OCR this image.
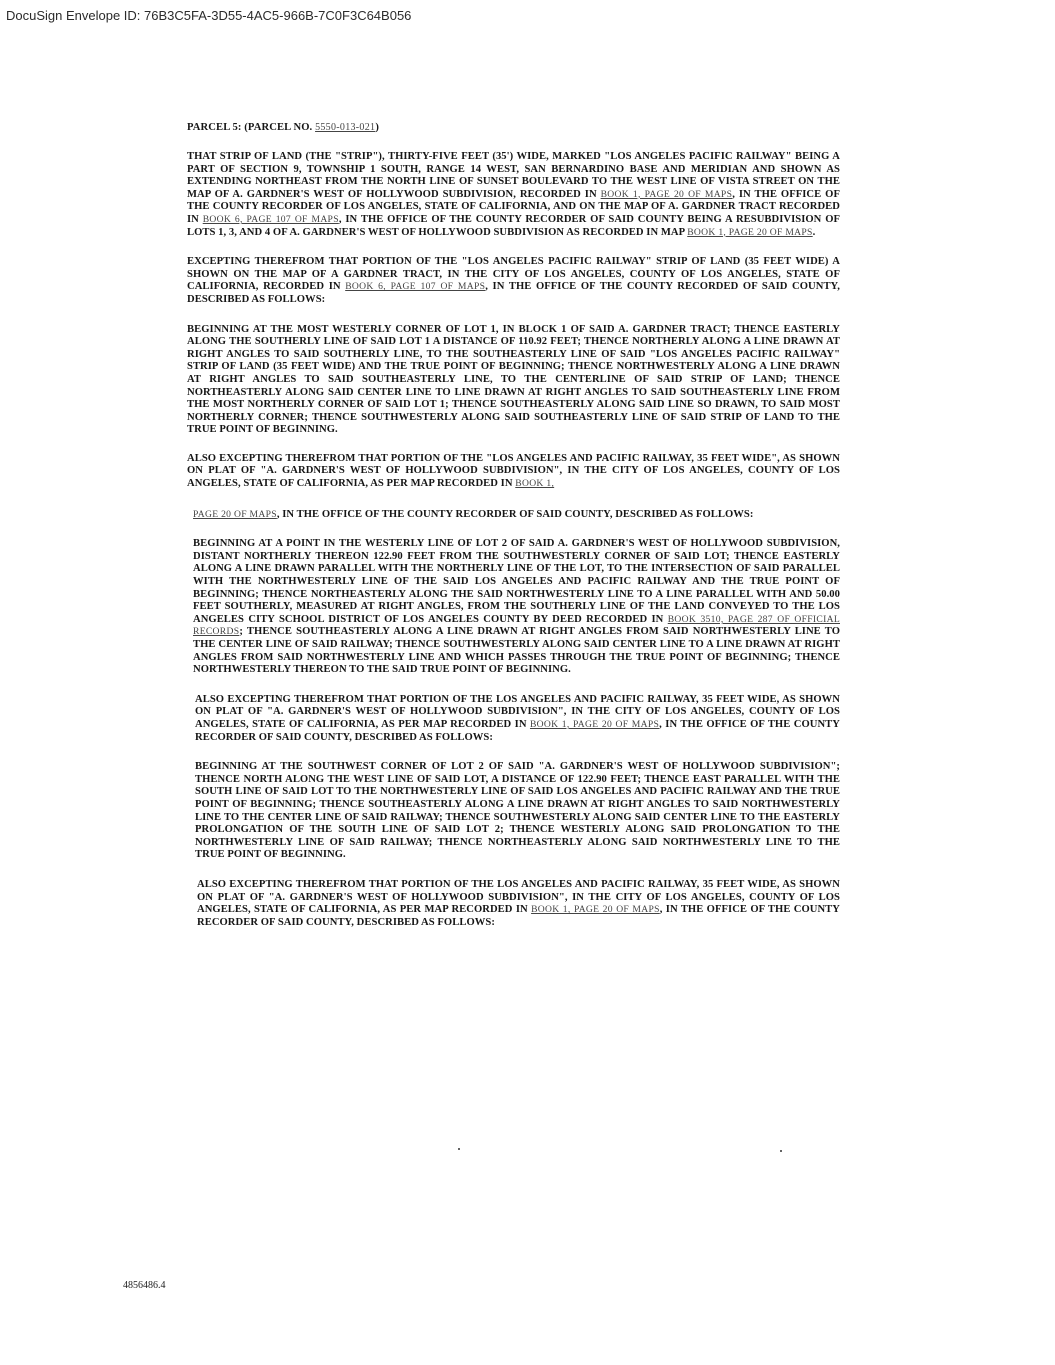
DocuSign Envelope ID: 76B3C5FA-3D55-4AC5-966B-7C0F3C64B056

PARCEL 5: (PARCEL NO. 5550-013-021)

THAT STRIP OF LAND (THE "STRIP"), THIRTY-FIVE FEET (35') WIDE, MARKED "LOS ANGELES PACIFIC RAILWAY" BEING A PART OF SECTION 9, TOWNSHIP 1 SOUTH, RANGE 14 WEST, SAN BERNARDINO BASE AND MERIDIAN AND SHOWN AS EXTENDING NORTHEAST FROM THE NORTH LINE OF SUNSET BOULEVARD TO THE WEST LINE OF VISTA STREET ON THE MAP OF A. GARDNER'S WEST OF HOLLYWOOD SUBDIVISION, RECORDED IN BOOK 1, PAGE 20 OF MAPS, IN THE OFFICE OF THE COUNTY RECORDER OF LOS ANGELES, STATE OF CALIFORNIA, AND ON THE MAP OF A. GARDNER TRACT RECORDED IN BOOK 6, PAGE 107 OF MAPS, IN THE OFFICE OF THE COUNTY RECORDER OF SAID COUNTY BEING A RESUBDIVISION OF LOTS 1, 3, AND 4 OF A. GARDNER'S WEST OF HOLLYWOOD SUBDIVISION AS RECORDED IN MAP BOOK 1, PAGE 20 OF MAPS.

EXCEPTING THEREFROM THAT PORTION OF THE "LOS ANGELES PACIFIC RAILWAY" STRIP OF LAND (35 FEET WIDE) A SHOWN ON THE MAP OF A GARDNER TRACT, IN THE CITY OF LOS ANGELES, COUNTY OF LOS ANGELES, STATE OF CALIFORNIA, RECORDED IN BOOK 6, PAGE 107 OF MAPS, IN THE OFFICE OF THE COUNTY RECORDED OF SAID COUNTY, DESCRIBED AS FOLLOWS:

BEGINNING AT THE MOST WESTERLY CORNER OF LOT 1, IN BLOCK 1 OF SAID A. GARDNER TRACT; THENCE EASTERLY ALONG THE SOUTHERLY LINE OF SAID LOT 1 A DISTANCE OF 110.92 FEET; THENCE NORTHERLY ALONG A LINE DRAWN AT RIGHT ANGLES TO SAID SOUTHERLY LINE, TO THE SOUTHEASTERLY LINE OF SAID "LOS ANGELES PACIFIC RAILWAY" STRIP OF LAND (35 FEET WIDE) AND THE TRUE POINT OF BEGINNING; THENCE NORTHWESTERLY ALONG A LINE DRAWN AT RIGHT ANGLES TO SAID SOUTHEASTERLY LINE, TO THE CENTERLINE OF SAID STRIP OF LAND; THENCE NORTHEASTERLY ALONG SAID CENTER LINE TO LINE DRAWN AT RIGHT ANGLES TO SAID SOUTHEASTERLY LINE FROM THE MOST NORTHERLY CORNER OF SAID LOT 1; THENCE SOUTHEASTERLY ALONG SAID LINE SO DRAWN, TO SAID MOST NORTHERLY CORNER; THENCE SOUTHWESTERLY ALONG SAID SOUTHEASTERLY LINE OF SAID STRIP OF LAND TO THE TRUE POINT OF BEGINNING.

ALSO EXCEPTING THEREFROM THAT PORTION OF THE "LOS ANGELES AND PACIFIC RAILWAY, 35 FEET WIDE", AS SHOWN ON PLAT OF "A. GARDNER'S WEST OF HOLLYWOOD SUBDIVISION", IN THE CITY OF LOS ANGELES, COUNTY OF LOS ANGELES, STATE OF CALIFORNIA, AS PER MAP RECORDED IN BOOK 1,

PAGE 20 OF MAPS, IN THE OFFICE OF THE COUNTY RECORDER OF SAID COUNTY, DESCRIBED AS FOLLOWS:

BEGINNING AT A POINT IN THE WESTERLY LINE OF LOT 2 OF SAID A. GARDNER'S WEST OF HOLLYWOOD SUBDIVISION, DISTANT NORTHERLY THEREON 122.90 FEET FROM THE SOUTHWESTERLY CORNER OF SAID LOT; THENCE EASTERLY ALONG A LINE DRAWN PARALLEL WITH THE NORTHERLY LINE OF THE LOT, TO THE INTERSECTION OF SAID PARALLEL WITH THE NORTHWESTERLY LINE OF THE SAID LOS ANGELES AND PACIFIC RAILWAY AND THE TRUE POINT OF BEGINNING; THENCE NORTHEASTERLY ALONG THE SAID NORTHWESTERLY LINE TO A LINE PARALLEL WITH AND 50.00 FEET SOUTHERLY, MEASURED AT RIGHT ANGLES, FROM THE SOUTHERLY LINE OF THE LAND CONVEYED TO THE LOS ANGELES CITY SCHOOL DISTRICT OF LOS ANGELES COUNTY BY DEED RECORDED IN BOOK 3510, PAGE 287 OF OFFICIAL RECORDS; THENCE SOUTHEASTERLY ALONG A LINE DRAWN AT RIGHT ANGLES FROM SAID NORTHWESTERLY LINE TO THE CENTER LINE OF SAID RAILWAY; THENCE SOUTHWESTERLY ALONG SAID CENTER LINE TO A LINE DRAWN AT RIGHT ANGLES FROM SAID NORTHWESTERLY LINE AND WHICH PASSES THROUGH THE TRUE POINT OF BEGINNING; THENCE NORTHWESTERLY THEREON TO THE SAID TRUE POINT OF BEGINNING.

ALSO EXCEPTING THEREFROM THAT PORTION OF THE LOS ANGELES AND PACIFIC RAILWAY, 35 FEET WIDE, AS SHOWN ON PLAT OF "A. GARDNER'S WEST OF HOLLYWOOD SUBDIVISION", IN THE CITY OF LOS ANGELES, COUNTY OF LOS ANGELES, STATE OF CALIFORNIA, AS PER MAP RECORDED IN BOOK 1, PAGE 20 OF MAPS, IN THE OFFICE OF THE COUNTY RECORDER OF SAID COUNTY, DESCRIBED AS FOLLOWS:

BEGINNING AT THE SOUTHWEST CORNER OF LOT 2 OF SAID "A. GARDNER'S WEST OF HOLLYWOOD SUBDIVISION"; THENCE NORTH ALONG THE WEST LINE OF SAID LOT, A DISTANCE OF 122.90 FEET; THENCE EAST PARALLEL WITH THE SOUTH LINE OF SAID LOT TO THE NORTHWESTERLY LINE OF SAID LOS ANGELES AND PACIFIC RAILWAY AND THE TRUE POINT OF BEGINNING; THENCE SOUTHEASTERLY ALONG A LINE DRAWN AT RIGHT ANGLES TO SAID NORTHWESTERLY LINE TO THE CENTER LINE OF SAID RAILWAY; THENCE SOUTHWESTERLY ALONG SAID CENTER LINE TO THE EASTERLY PROLONGATION OF THE SOUTH LINE OF SAID LOT 2; THENCE WESTERLY ALONG SAID PROLONGATION TO THE NORTHWESTERLY LINE OF SAID RAILWAY; THENCE NORTHEASTERLY ALONG SAID NORTHWESTERLY LINE TO THE TRUE POINT OF BEGINNING.

ALSO EXCEPTING THEREFROM THAT PORTION OF THE LOS ANGELES AND PACIFIC RAILWAY, 35 FEET WIDE, AS SHOWN ON PLAT OF "A. GARDNER'S WEST OF HOLLYWOOD SUBDIVISION", IN THE CITY OF LOS ANGELES, COUNTY OF LOS ANGELES, STATE OF CALIFORNIA, AS PER MAP RECORDED IN BOOK 1, PAGE 20 OF MAPS, IN THE OFFICE OF THE COUNTY RECORDER OF SAID COUNTY, DESCRIBED AS FOLLOWS:

4856486.4
